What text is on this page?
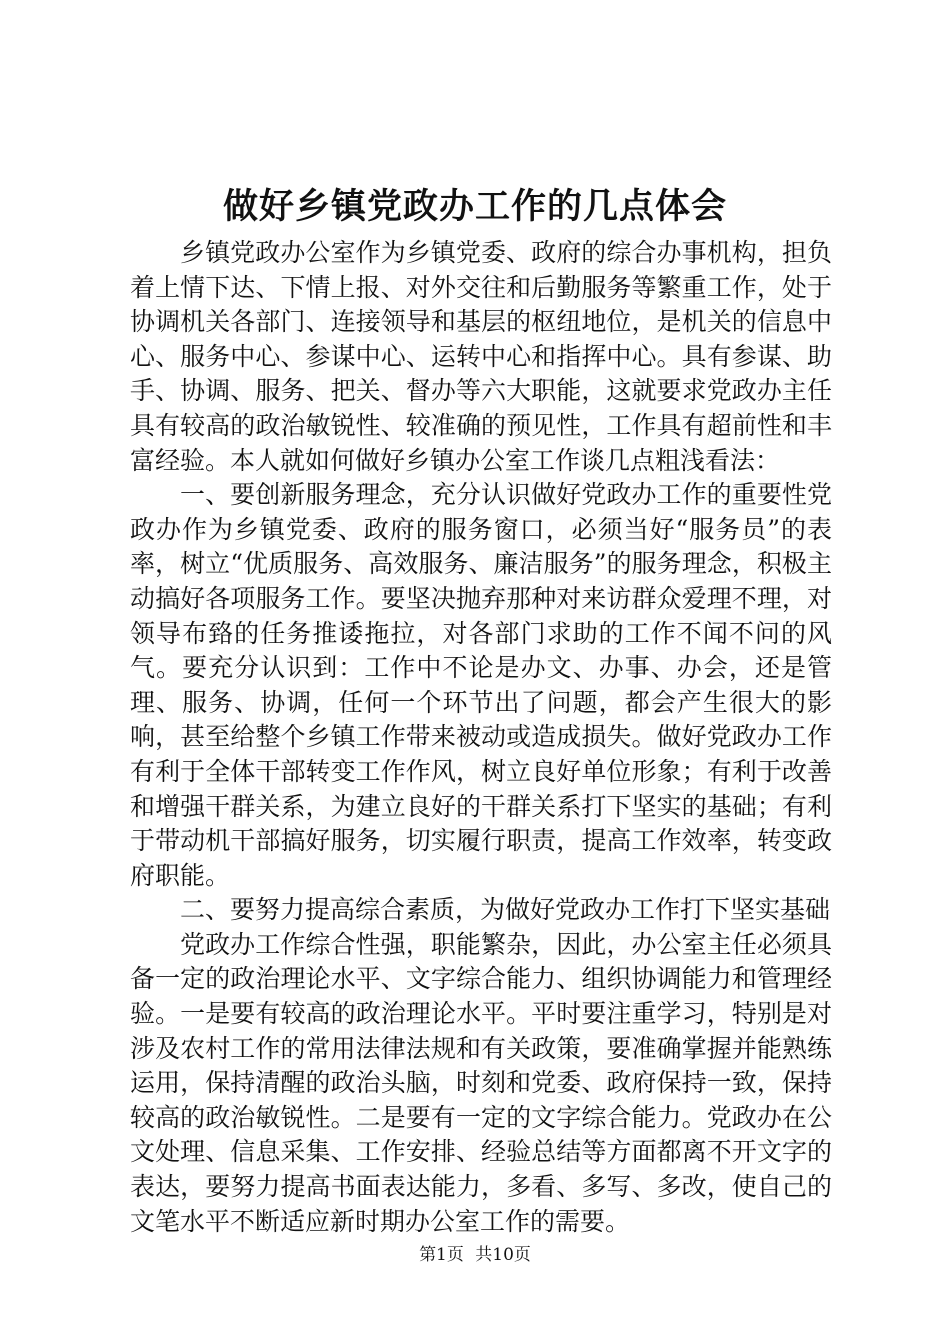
做好乡镇党政办工作的几点体会

乡镇党政办公室作为乡镇党委、政府的综合办事机构，担负着上情下达、下情上报、对外交往和后勤服务等繁重工作，处于协调机关各部门、连接领导和基层的枢纽地位，是机关的信息中心、服务中心、参谋中心、运转中心和指挥中心。具有参谋、助手、协调、服务、把关、督办等六大职能，这就要求党政办主任具有较高的政治敏锐性、较准确的预见性，工作具有超前性和丰富经验。本人就如何做好乡镇办公室工作谈几点粗浅看法：

一、要创新服务理念，充分认识做好党政办工作的重要性党政办作为乡镇党委、政府的服务窗口，必须当好“服务员”的表率，树立“优质服务、高效服务、廉洁服务”的服务理念，积极主动搞好各项服务工作。要坚决抛弃那种对来访群众爱理不理，对领导布臵的任务推诿拖拉，对各部门求助的工作不闻不问的风气。要充分认识到：工作中不论是办文、办事、办会，还是管理、服务、协调，任何一个环节出了问题，都会产生很大的影响，甚至给整个乡镇工作带来被动或造成损失。做好党政办工作有利于全体干部转变工作作风，树立良好单位形象；有利于改善和增强干群关系，为建立良好的干群关系打下坚实的基础；有利于带动机干部搞好服务，切实履行职责，提高工作效率，转变政府职能。

二、要努力提高综合素质，为做好党政办工作打下坚实基础

党政办工作综合性强，职能繁杂，因此，办公室主任必须具备一定的政治理论水平、文字综合能力、组织协调能力和管理经验。一是要有较高的政治理论水平。平时要注重学习，特别是对涉及农村工作的常用法律法规和有关政策，要准确掌握并能熟练运用，保持清醒的政治头脑，时刻和党委、政府保持一致，保持较高的政治敏锐性。二是要有一定的文字综合能力。党政办在公文处理、信息采集、工作安排、经验总结等方面都离不开文字的表达，要努力提高书面表达能力，多看、多写、多改，使自己的文笔水平不断适应新时期办公室工作的需要。

第1页 共10页
